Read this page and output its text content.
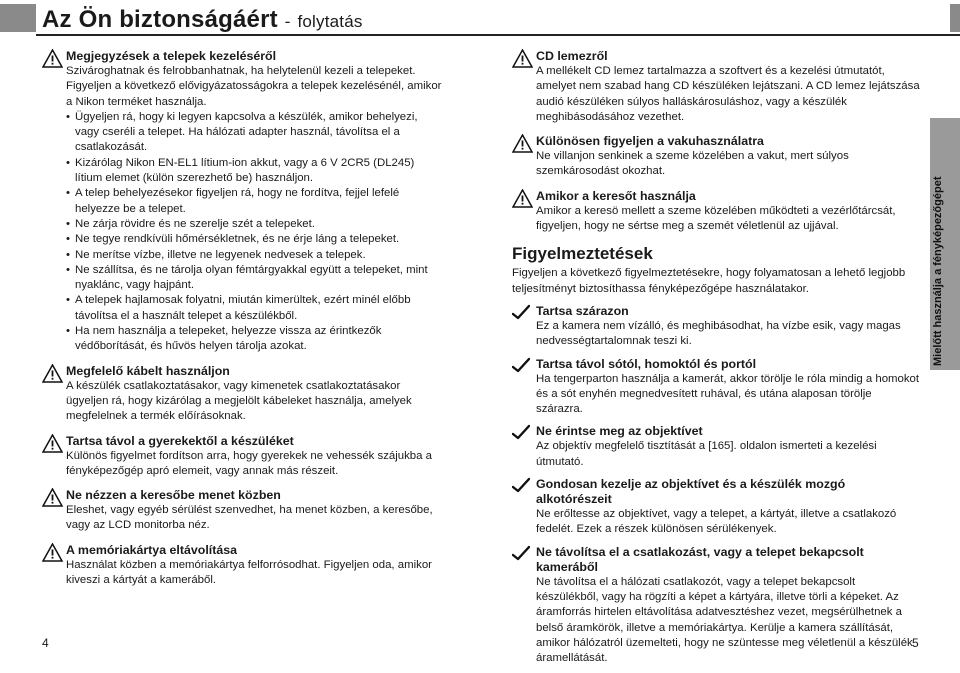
Az Ön biztonságáért - folytatás
Megjegyzések a telepek kezeléséről

Szivároghatnak és felrobbanhatnak, ha helytelenül kezeli a telepeket. Figyeljen a következő elővigyázatosságokra a telepek kezelésénél, amikor a Nikon terméket használja.

• Ügyeljen rá, hogy ki legyen kapcsolva a készülék, amikor behelyezi, vagy cseréli a telepet. Ha hálózati adapter használ, távolítsa el a csatlakozását.

• Kizárólag Nikon EN-EL1 lítium-ion akkut, vagy a 6 V 2CR5 (DL245) lítium elemet (külön szerezhető be) használjon.

• A telep behelyezésekor figyeljen rá, hogy ne fordítva, fejjel lefelé helyezze be a telepet.

• Ne zárja rövidre és ne szerelje szét a telepeket.

• Ne tegye rendkívüli hőmérsékletnek, és ne érje láng a telepeket.

• Ne merítse vízbe, illetve ne legyenek nedvesek a telepek.

• Ne szállítsa, és ne tárolja olyan fémtárgyakkal együtt a telepeket, mint nyaklánc, vagy hajpánt.

• A telepek hajlamosak folyatni, miután kimerültek, ezért minél előbb távolítsa el a használt telepet a készülékből.

• Ha nem használja a telepeket, helyezze vissza az érintkezők védőborítását, és hűvös helyen tárolja azokat.

Megfelelő kábelt használjon

A készülék csatlakoztatásakor, vagy kimenetek csatlakoztatásakor ügyeljen rá, hogy kizárólag a megjelölt kábeleket használja, amelyek megfelelnek a termék előírásoknak.

Tartsa távol a gyerekektől a készüléket

Különös figyelmet fordítson arra, hogy gyerekek ne vehessék szájukba a fényképezőgép apró elemeit, vagy annak más részeit.

Ne nézzen a keresőbe menet közben

Eleshet, vagy egyéb sérülést szenvedhet, ha menet közben, a keresőbe, vagy az LCD monitorba néz.

A memóriakártya eltávolítása

Használat közben a memóriakártya felforrósodhat. Figyeljen oda, amikor kiveszi a kártyát a kameráből.

CD lemezről

A mellékelt CD lemez tartalmazza a szoftvert és a kezelési útmutatót, amelyet nem szabad hang CD készüléken lejátszani. A CD lemez lejátszása audió készüléken súlyos halláskárosuláshoz, vagy a készülék meghibásodásához vezethet.

Különösen figyeljen a vakuhasználatra

Ne villanjon senkinek a szeme közelében a vakut, mert súlyos szemkárosodást okozhat.

Amikor a keresőt használja

Amikor a keresö mellett a szeme közelében működteti a vezérlőtárcsát, figyeljen, hogy ne sértse meg a szemét véletlenül az ujjával.

Figyelmeztetések

Figyeljen a következő figyelmeztetésekre, hogy folyamatosan a lehető legjobb teljesítményt biztosíthassa fényképezőgépe használatakor.

Tartsa szárazon

Ez a kamera nem vízálló, és meghibásodhat, ha vízbe esik, vagy magas nedvességtartalomnak teszi ki.

Tartsa távol sótól, homoktól és portól

Ha tengerparton használja a kamerát, akkor törölje le róla mindig a homokot és a sót enyhén megnedvesített ruhával, és utána alaposan törölje szárazra.

Ne érintse meg az objektívet

Az objektív megfelelő tisztítását a [165]. oldalon ismerteti a kezelési útmutató.

Gondosan kezelje az objektívet és a készülék mozgó alkotórészeit

Ne erőltesse az objektívet, vagy a telepet, a kártyát, illetve a csatlakozó fedelét. Ezek a részek különösen sérülékenyek.

Ne távolítsa el a csatlakozást, vagy a telepet bekapcsolt kameráből

Ne távolítsa el a hálózati csatlakozót, vagy a telepet bekapcsolt készülékből, vagy ha rögzíti a képet a kártyára, illetve törli a képeket. Az áramforrás hirtelen eltávolítása adatvesztéshez vezet, megsérülhetnek a belső áramkörök, illetve a memóriakártya. Kerülje a kamera szállítását, amikor hálózatról üzemelteti, hogy ne szüntesse meg véletlenül a készülék áramellátását.

Mielőtt használja a fényképezőgépet
4	5
